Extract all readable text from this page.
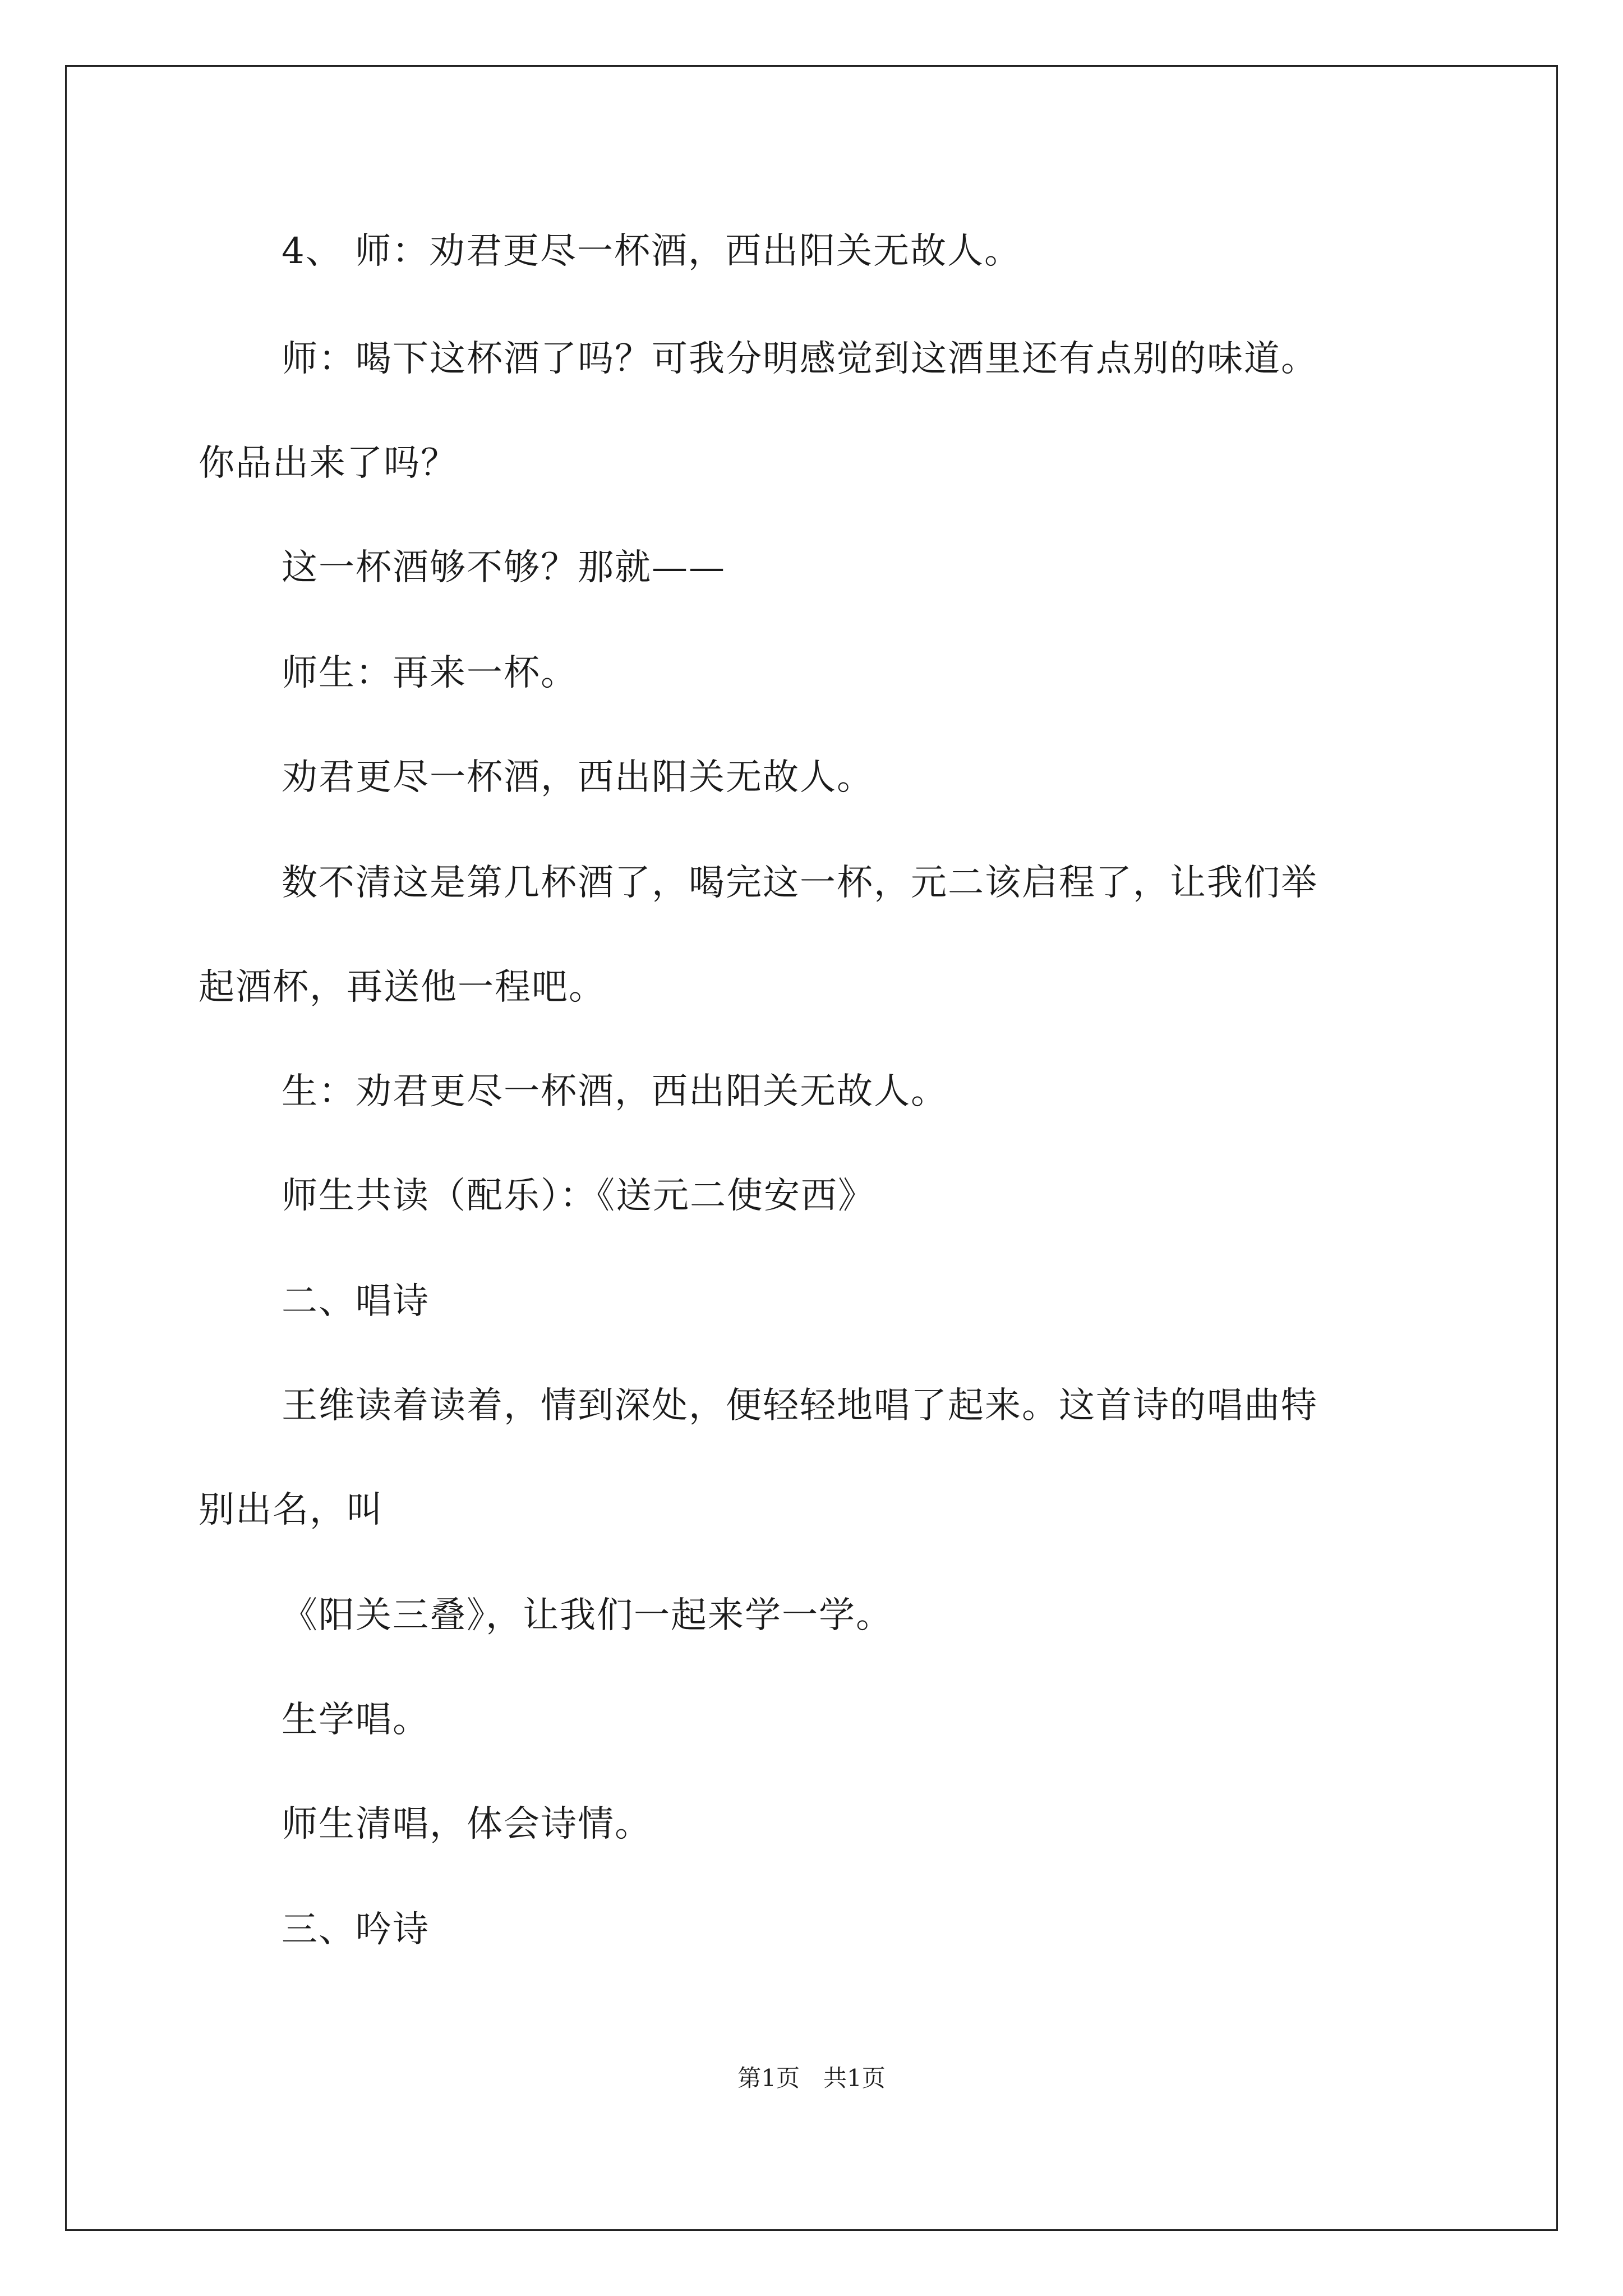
4、 师：劝君更尽一杯酒，西出阳关无故人。
师：喝下这杯酒了吗？可我分明感觉到这酒里还有点别的味道。
你品出来了吗？
这一杯酒够不够？那就——
师生：再来一杯。
劝君更尽一杯酒，西出阳关无故人。
数不清这是第几杯酒了，喝完这一杯，元二该启程了，让我们举
起酒杯，再送他一程吧。
生：劝君更尽一杯酒，西出阳关无故人。
师生共读（配乐）：《送元二使安西》
二、唱诗
王维读着读着，情到深处，便轻轻地唱了起来。这首诗的唱曲特
别出名，叫
《阳关三叠》，让我们一起来学一学。
生学唱。
师生清唱，体会诗情。
三、吟诗
第1页　共1页
